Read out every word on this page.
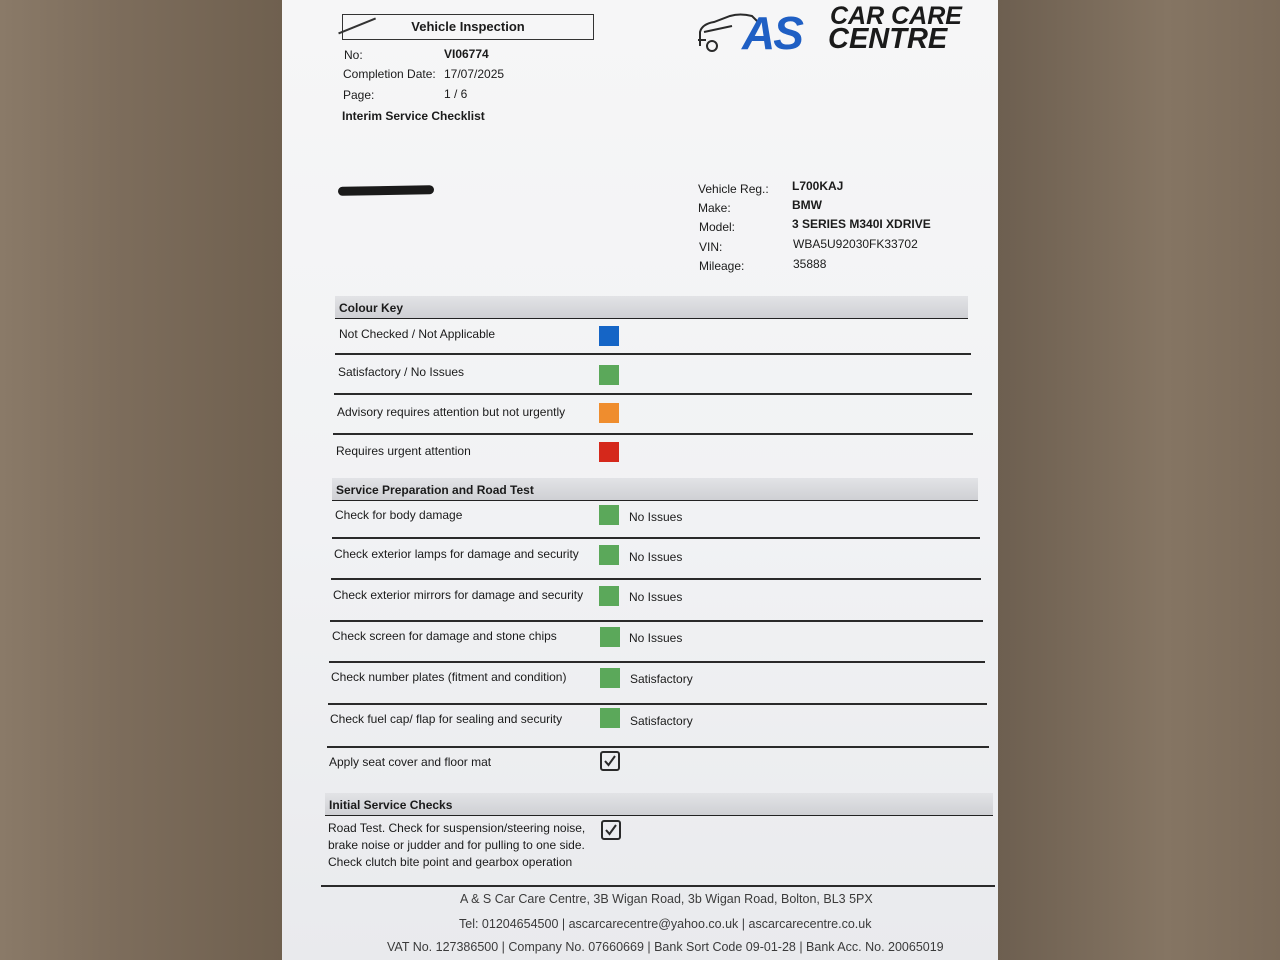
Vehicle Inspection
No:	VI06774
Completion Date: 17/07/2025
Page:	1 / 6
Interim Service Checklist
AS CAR CARE
CENTRE
Vehicle Reg.: L700KAJ
Make:	BMW
Model:	3 SERIES M340I XDRIVE
VIN:	WBA5U92030FK33702
Mileage:	35888
Colour Key
Not Checked / Not Applicable
Satisfactory / No Issues
Advisory requires attention but not urgently
Requires urgent attention
Service Preparation and Road Test
Check for body damage	No Issues
Check exterior lamps for damage and security	No Issues
Check exterior mirrors for damage and security	No Issues
Check screen for damage and stone chips	No Issues
Check number plates (fitment and condition)	Satisfactory
Check fuel cap/ flap for sealing and security	Satisfactory
Apply seat cover and floor mat
Initial Service Checks
Road Test. Check for suspension/steering noise,
brake noise or judder and for pulling to one side.
Check clutch bite point and gearbox operation
A & S Car Care Centre, 3B Wigan Road, 3b Wigan Road, Bolton, BL3 5PX
Tel: 01204654500 | ascarcarecentre@yahoo.co.uk | ascarcarecentre.co.uk
VAT No. 127386500 | Company No. 07660669 | Bank Sort Code 09-01-28 | Bank Acc. No. 20065019
